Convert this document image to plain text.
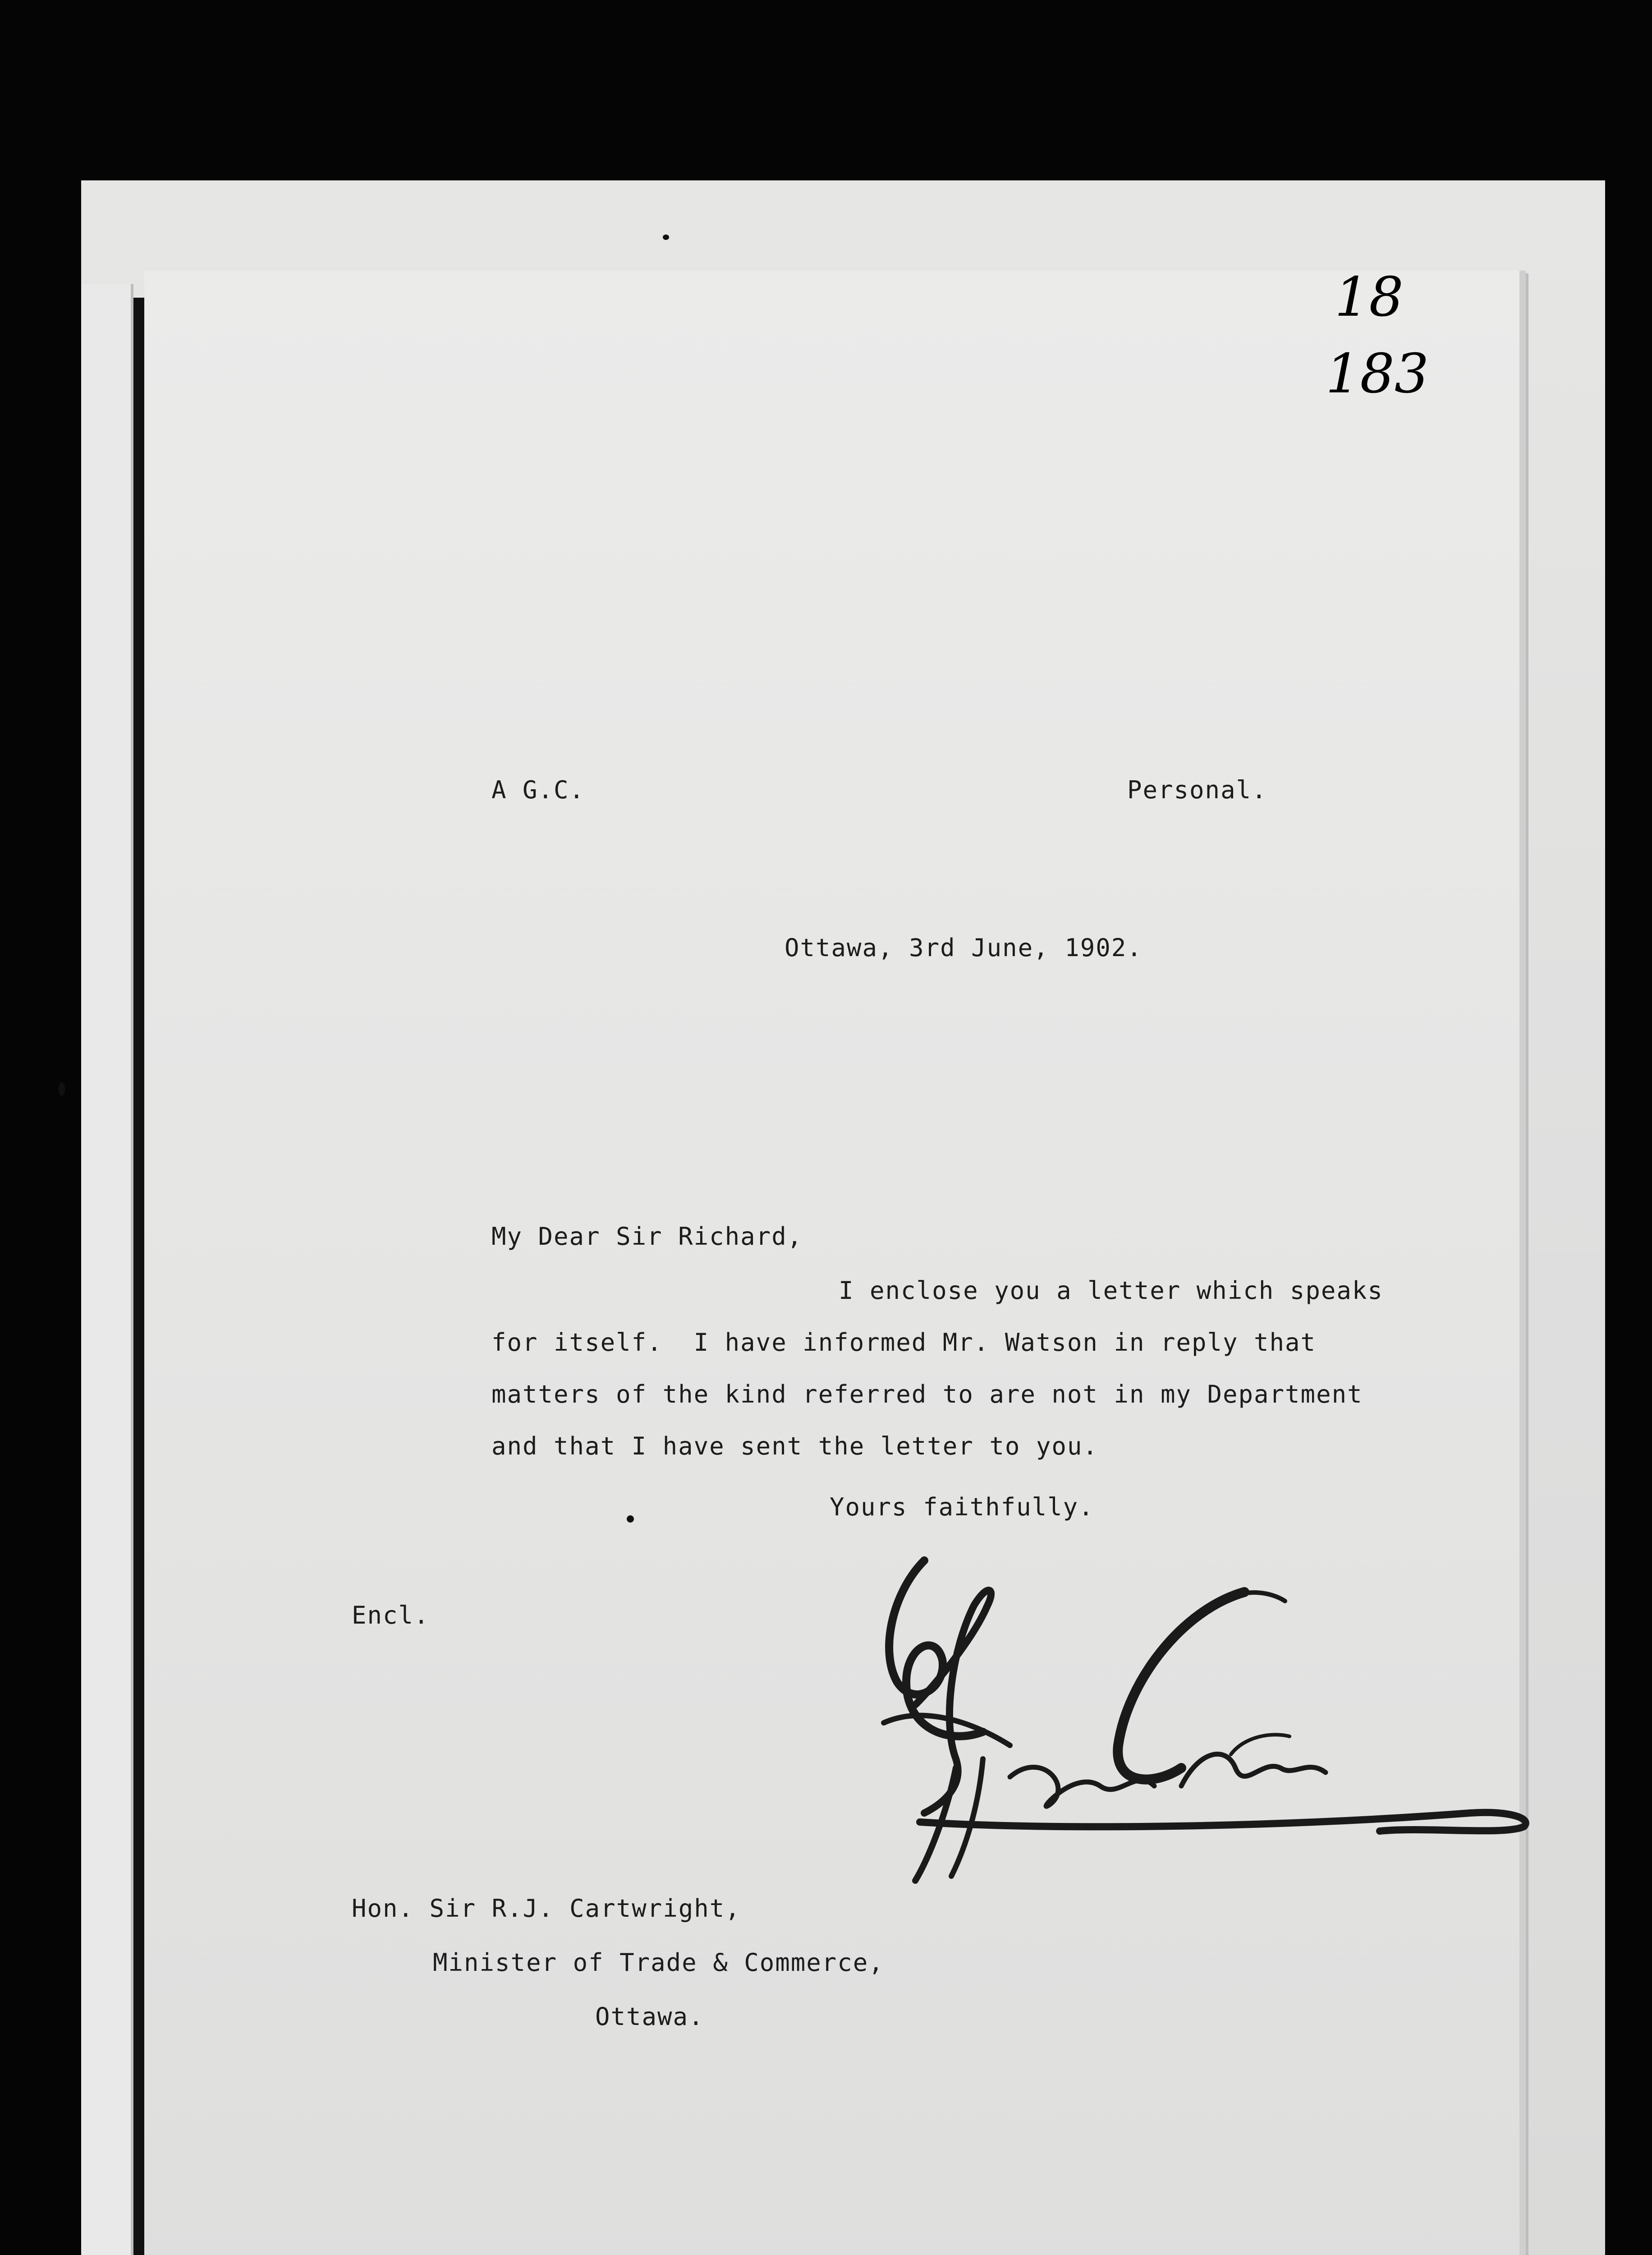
18
183
A G.C.	Personal.
Ottawa, 3rd June, 1902.
My Dear Sir Richard,
I enclose you a letter which speaks
for itself.  I have informed Mr. Watson in reply that
matters of the kind referred to are not in my Department
and that I have sent the letter to you.
Yours faithfully.
Encl.
Hon. Sir R.J. Cartwright,
Minister of Trade & Commerce,
Ottawa.
